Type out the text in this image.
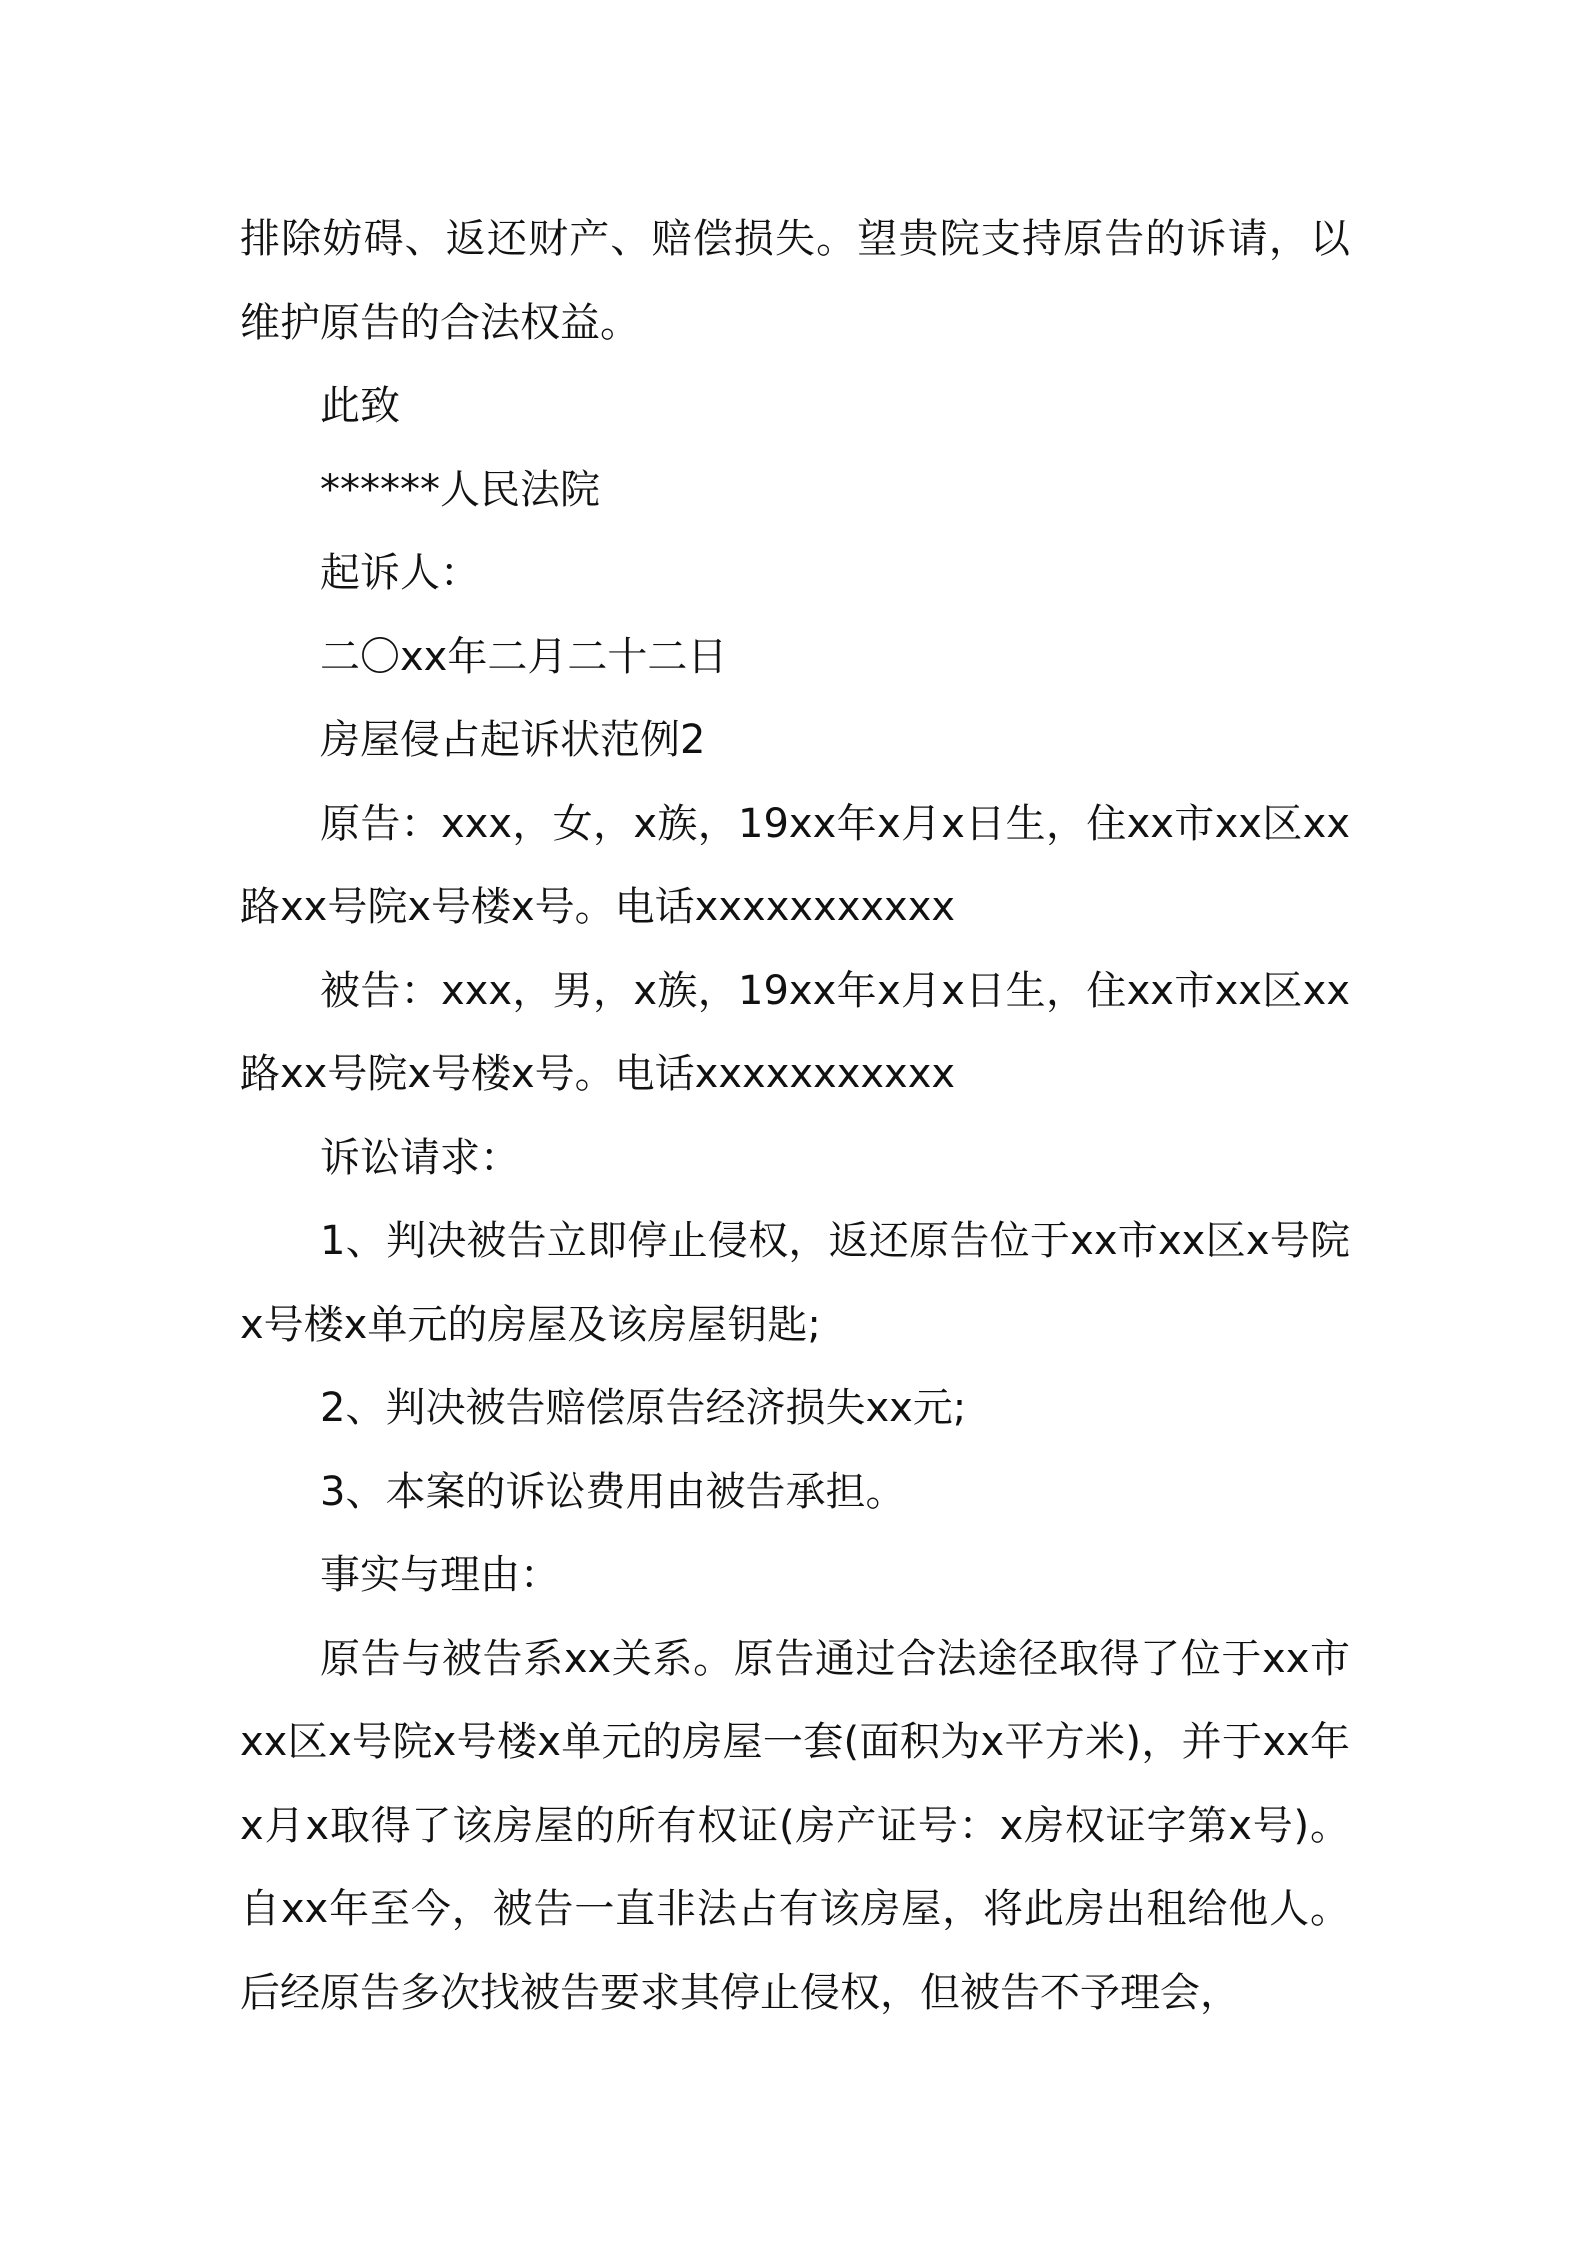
排除妨碍、返还财产、赔偿损失。望贵院支持原告的诉请，以维护原告的合法权益。

此致

******人民法院

起诉人：

二〇xx年二月二十二日

房屋侵占起诉状范例2

原告：xxx，女，x族，19xx年x月x日生，住xx市xx区xx路xx号院x号楼x号。电话xxxxxxxxxxx

被告：xxx，男，x族，19xx年x月x日生，住xx市xx区xx路xx号院x号楼x号。电话xxxxxxxxxxx

诉讼请求：

1、判决被告立即停止侵权，返还原告位于xx市xx区x号院x号楼x单元的房屋及该房屋钥匙;

2、判决被告赔偿原告经济损失xx元;

3、本案的诉讼费用由被告承担。

事实与理由：

原告与被告系xx关系。原告通过合法途径取得了位于xx市xx区x号院x号楼x单元的房屋一套(面积为x平方米)，并于xx年x月x取得了该房屋的所有权证(房产证号：x房权证字第x号)。自xx年至今，被告一直非法占有该房屋，将此房出租给他人。后经原告多次找被告要求其停止侵权，但被告不予理会，
